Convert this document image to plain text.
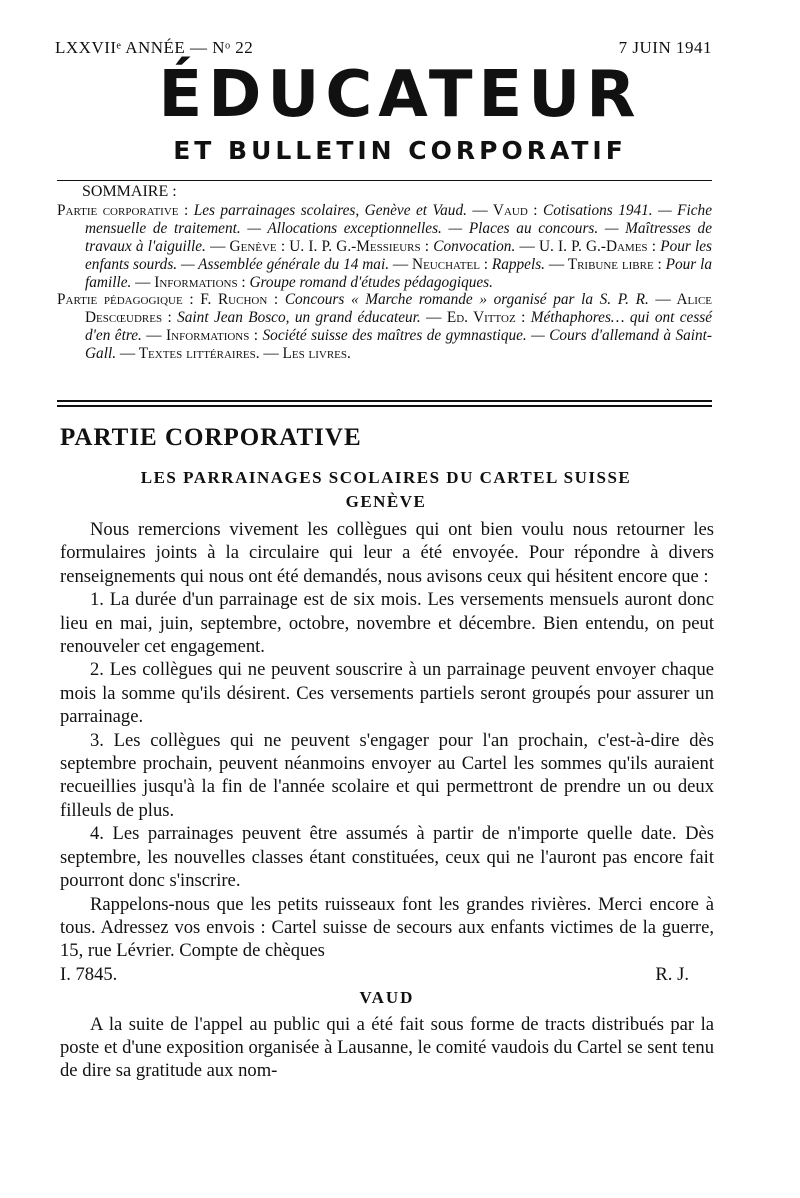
LXXVIIᵉ ANNÉE — Nᵒ 22	7 JUIN 1941
ÉDUCATEUR
ET BULLETIN CORPORATIF
SOMMAIRE :

Partie corporative : Les parrainages scolaires, Genève et Vaud. — Vaud : Cotisations 1941. — Fiche mensuelle de traitement. — Allocations exceptionnelles. — Places au concours. — Maîtresses de travaux à l'aiguille. — Genève : U. I. P. G.-Messieurs : Convocation. — U. I. P. G.-Dames : Pour les enfants sourds. — Assemblée générale du 14 mai. — Neuchatel : Rappels. — Tribune libre : Pour la famille. — Informations : Groupe romand d'études pédagogiques.

Partie pédagogique : F. Ruchon : Concours « Marche romande » organisé par la S. P. R. — Alice Descœudres : Saint Jean Bosco, un grand éducateur. — Ed. Vittoz : Méthaphores… qui ont cessé d'en être. — Informations : Société suisse des maîtres de gymnastique. — Cours d'allemand à Saint-Gall. — Textes littéraires. — Les livres.

PARTIE CORPORATIVE
LES PARRAINAGES SCOLAIRES DU CARTEL SUISSE
GENÈVE

Nous remercions vivement les collègues qui ont bien voulu nous retourner les formulaires joints à la circulaire qui leur a été envoyée. Pour répondre à divers renseignements qui nous ont été demandés, nous avisons ceux qui hésitent encore que :

1. La durée d'un parrainage est de six mois. Les versements mensuels auront donc lieu en mai, juin, septembre, octobre, novembre et décembre. Bien entendu, on peut renouveler cet engagement.

2. Les collègues qui ne peuvent souscrire à un parrainage peuvent envoyer chaque mois la somme qu'ils désirent. Ces versements partiels seront groupés pour assurer un parrainage.

3. Les collègues qui ne peuvent s'engager pour l'an prochain, c'est-à-dire dès septembre prochain, peuvent néanmoins envoyer au Cartel les sommes qu'ils auraient recueillies jusqu'à la fin de l'année scolaire et qui permettront de prendre un ou deux filleuls de plus.

4. Les parrainages peuvent être assumés à partir de n'importe quelle date. Dès septembre, les nouvelles classes étant constituées, ceux qui ne l'auront pas encore fait pourront donc s'inscrire.

Rappelons-nous que les petits ruisseaux font les grandes rivières. Merci encore à tous. Adressez vos envois : Cartel suisse de secours aux enfants victimes de la guerre, 15, rue Lévrier. Compte de chèques

I. 7845.	R. J.

VAUD

A la suite de l'appel au public qui a été fait sous forme de tracts distribués par la poste et d'une exposition organisée à Lausanne, le comité vaudois du Cartel se sent tenu de dire sa gratitude aux nom-
